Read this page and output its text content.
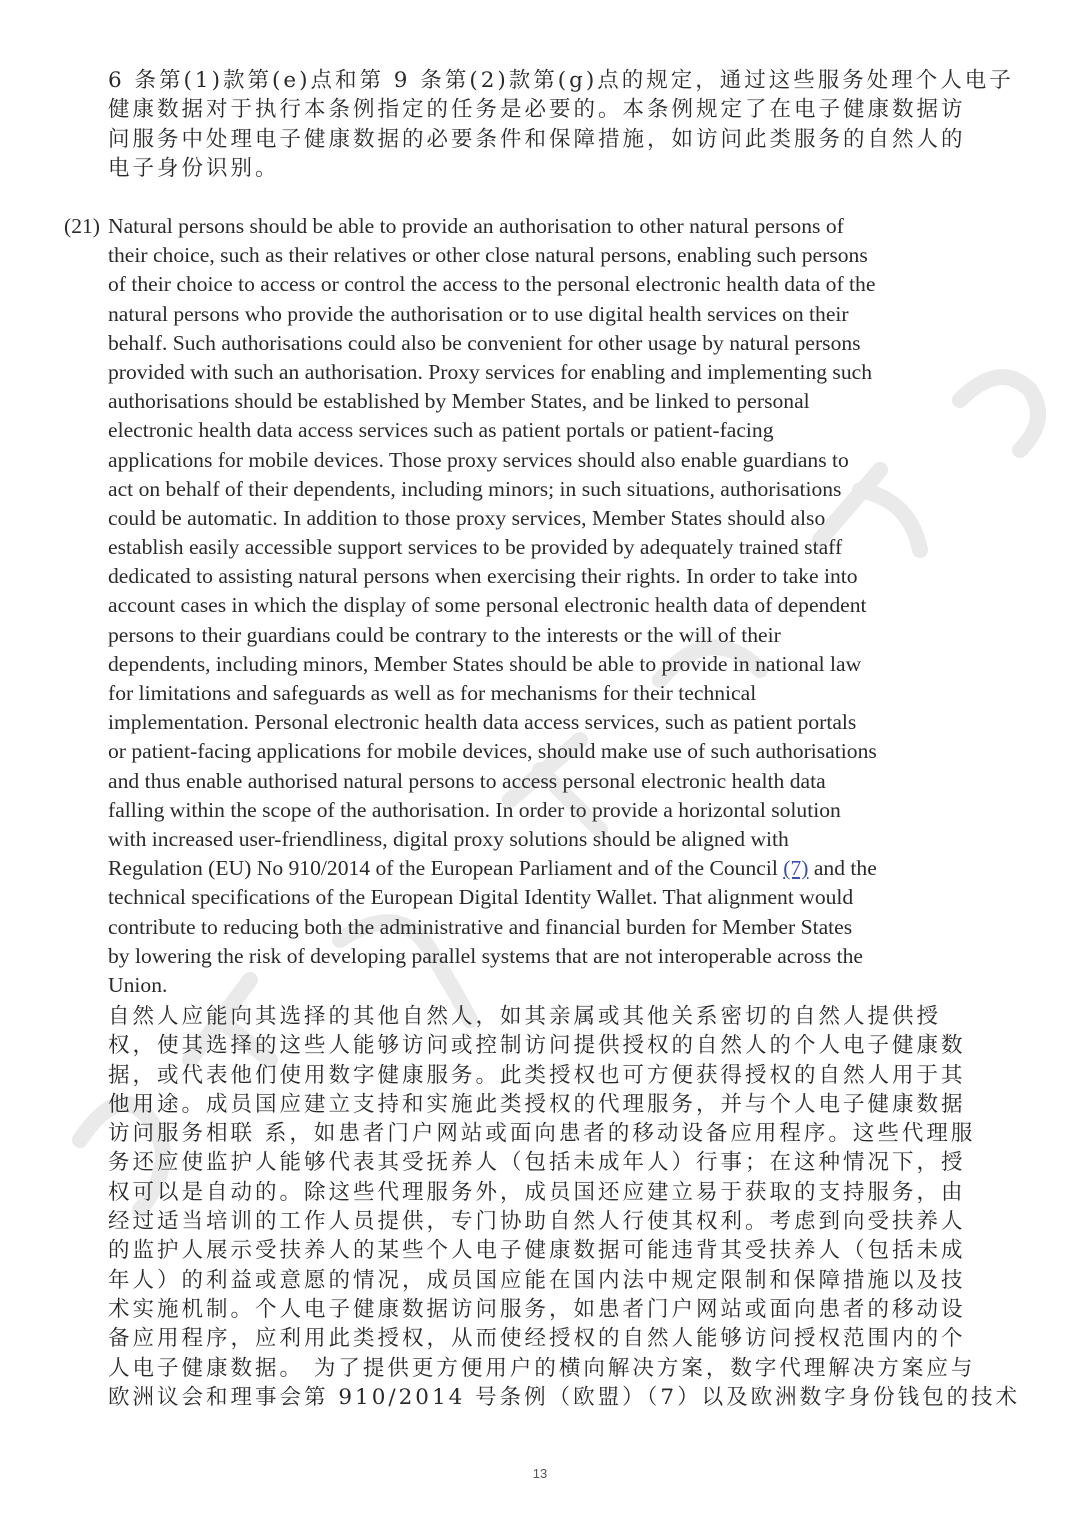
6 条第(1)款第(e)点和第 9 条第(2)款第(g)点的规定，通过这些服务处理个人电子
健康数据对于执行本条例指定的任务是必要的。本条例规定了在电子健康数据访
问服务中处理电子健康数据的必要条件和保障措施，如访问此类服务的自然人的
电子身份识别。
(21) Natural persons should be able to provide an authorisation to other natural persons of
their choice, such as their relatives or other close natural persons, enabling such persons
of their choice to access or control the access to the personal electronic health data of the
natural persons who provide the authorisation or to use digital health services on their
behalf. Such authorisations could also be convenient for other usage by natural persons
provided with such an authorisation. Proxy services for enabling and implementing such
authorisations should be established by Member States, and be linked to personal
electronic health data access services such as patient portals or patient-facing
applications for mobile devices. Those proxy services should also enable guardians to
act on behalf of their dependents, including minors; in such situations, authorisations
could be automatic. In addition to those proxy services, Member States should also
establish easily accessible support services to be provided by adequately trained staff
dedicated to assisting natural persons when exercising their rights. In order to take into
account cases in which the display of some personal electronic health data of dependent
persons to their guardians could be contrary to the interests or the will of their
dependents, including minors, Member States should be able to provide in national law
for limitations and safeguards as well as for mechanisms for their technical
implementation. Personal electronic health data access services, such as patient portals
or patient-facing applications for mobile devices, should make use of such authorisations
and thus enable authorised natural persons to access personal electronic health data
falling within the scope of the authorisation. In order to provide a horizontal solution
with increased user-friendliness, digital proxy solutions should be aligned with
Regulation (EU) No 910/2014 of the European Parliament and of the Council (7) and the
technical specifications of the European Digital Identity Wallet. That alignment would
contribute to reducing both the administrative and financial burden for Member States
by lowering the risk of developing parallel systems that are not interoperable across the
Union.
自然人应能向其选择的其他自然人，如其亲属或其他关系密切的自然人提供授
权，使其选择的这些人能够访问或控制访问提供授权的自然人的个人电子健康数
据，或代表他们使用数字健康服务。此类授权也可方便获得授权的自然人用于其
他用途。成员国应建立支持和实施此类授权的代理服务，并与个人电子健康数据
访问服务相联 系，如患者门户网站或面向患者的移动设备应用程序。这些代理服
务还应使监护人能够代表其受抚养人（包括未成年人）行事；在这种情况下，授
权可以是自动的。除这些代理服务外，成员国还应建立易于获取的支持服务，由
经过适当培训的工作人员提供，专门协助自然人行使其权利。考虑到向受扶养人
的监护人展示受扶养人的某些个人电子健康数据可能违背其受扶养人（包括未成
年人）的利益或意愿的情况，成员国应能在国内法中规定限制和保障措施以及技
术实施机制。个人电子健康数据访问服务，如患者门户网站或面向患者的移动设
备应用程序，应利用此类授权，从而使经授权的自然人能够访问授权范围内的个
人电子健康数据。 为了提供更方便用户的横向解决方案，数字代理解决方案应与
欧洲议会和理事会第 910/2014 号条例（欧盟）（7）以及欧洲数字身份钱包的技术
13
